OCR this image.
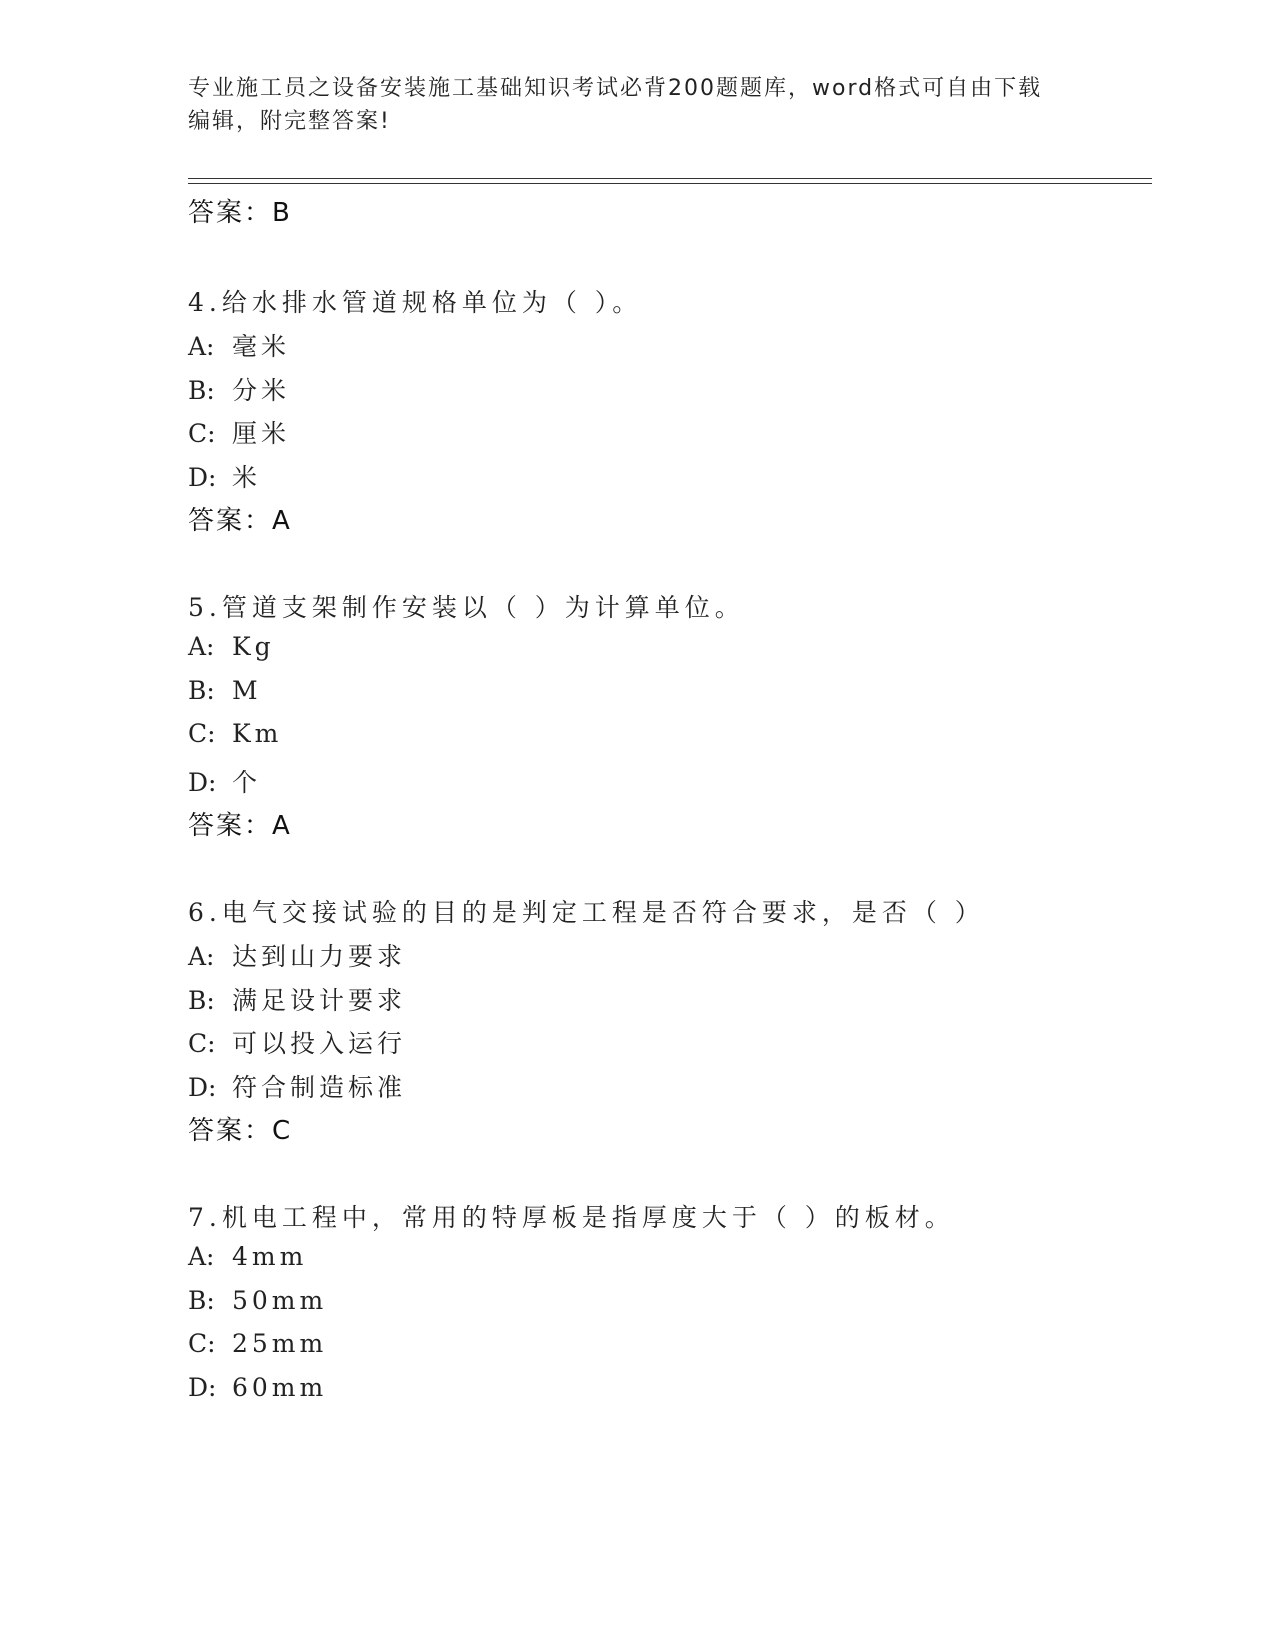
专业施工员之设备安装施工基础知识考试必背200题题库，word格式可自由下载
编辑，附完整答案!
答案：B
4.给水排水管道规格单位为（ ）。
A: 毫米
B: 分米
C: 厘米
D: 米
答案：A
5.管道支架制作安装以（ ）为计算单位。
A: Kg
B: M
C: Km
D: 个
答案：A
6.电气交接试验的目的是判定工程是否符合要求，是否（ ）
A: 达到山力要求
B: 满足设计要求
C: 可以投入运行
D: 符合制造标准
答案：C
7.机电工程中，常用的特厚板是指厚度大于（ ）的板材。
A: 4mm
B: 50mm
C: 25mm
D: 60mm
